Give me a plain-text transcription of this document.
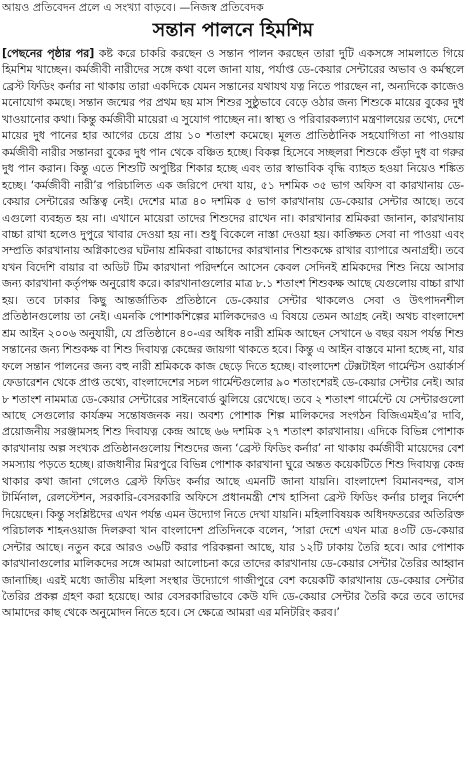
আয়ও প্রতিবেদন প্রলে এ সংখ্যা বাড়বে। —নিজস্ব প্রতিবেদক
সন্তান পালনে হিমশিম

[পেছনের পৃষ্ঠার পর] কষ্ট করে চাকরি করছেন ও সন্তান পালন করছেন তারা দুটি একসঙ্গে সামলাতে গিয়ে হিমশিম খাচ্ছেন। কর্মজীবী নারীদের সঙ্গে কথা বলে জানা যায়, পর্যাপ্ত ডে-কেয়ার সেন্টারের অভাব ও কর্মস্থলে ব্রেস্ট ফিডিং কর্নার না থাকায় তারা একদিকে যেমন সন্তানের যথাযথ যত্ন নিতে পারছেন না, অন্যদিকে কাজেও মনোযোগ কমছে। সন্তান জন্মের পর প্রথম ছয় মাস শিশুর সুষ্ঠুভাবে বেড়ে ওঠার জন্য শিশুকে মায়ের বুকের দুধ খাওয়ানোর কথা। কিন্তু কর্মজীবী মায়েরা এ সুযোগ পাচ্ছেন না। স্বাস্থ্য ও পরিবারকল্যাণ মন্ত্রণালয়ের তথ্যে, দেশে মায়ের দুধ পানের হার আগের চেয়ে প্রায় ১০ শতাংশ কমেছে। মূলত প্রাতিষ্ঠানিক সহযোগিতা না পাওয়ায় কর্মজীবী নারীর সন্তানরা বুকের দুধ পান থেকে বঞ্চিত হচ্ছে। বিকল্প হিসেবে সচ্ছলরা শিশুকে গুঁড়া দুধ বা গরুর দুধ পান করান। কিন্তু এতে শিশুটি অপুষ্টির শিকার হচ্ছে এবং তার স্বাভাবিক বৃদ্ধি ব্যাহত হওয়া নিয়েও শঙ্কিত হচ্ছে। ‘কর্মজীবী নারী’র পরিচালিত এক জরিপে দেখা যায়, ৫১ দশমিক ৩৫ ভাগ অফিস বা কারখানায় ডে-কেয়ার সেন্টারের অস্তিত্ব নেই। দেশের মাত্র ৪০ দশমিক ৫ ভাগ কারখানায় ডে-কেয়ার সেন্টার আছে। তবে এগুলো ব্যবহৃত হয় না। এখানে মায়েরা তাদের শিশুদের রাখেন না। কারখানার শ্রমিকরা জানান, কারখানায় বাচ্চা রাখা হলেও দুপুরে খাবার দেওয়া হয় না। শুধু বিকেলে নাস্তা দেওয়া হয়। কাঙ্ক্ষিত সেবা না পাওয়া এবং সম্প্রতি কারখানায় অগ্নিকাণ্ডের ঘটনায় শ্রমিকরা বাচ্চাদের কারখানার শিশুকক্ষে রাখার ব্যাপারে অনাগ্রহী। তবে যখন বিদেশি বায়ার বা অডিট টিম কারখানা পরিদর্শনে আসেন কেবল সেদিনই শ্রমিকদের শিশু নিয়ে আসার জন্য কারখানা কর্তৃপক্ষ অনুরোধ করে। কারখানাগুলোর মাত্র ৮.১ শতাংশ শিশুকক্ষ আছে যেগুলোয় বাচ্চা রাখা হয়। তবে ঢাকার কিছু আন্তর্জাতিক প্রতিষ্ঠানে ডে-কেয়ার সেন্টার থাকলেও সেবা ও উৎপাদনশীল প্রতিষ্ঠানগুলোয় তা নেই। এমনকি পোশাকশিল্পের মালিকদেরও এ বিষয়ে তেমন আগ্রহ নেই। অথচ বাংলাদেশ শ্রম আইন ২০০৬ অনুযায়ী, যে প্রতিষ্ঠানে ৪০-এর অধিক নারী শ্রমিক আছেন সেখানে ৬ বছর বয়স পর্যন্ত শিশু সন্তানের জন্য শিশুকক্ষ বা শিশু দিবাযত্ন কেন্দ্রের জায়গা থাকতে হবে। কিন্তু এ আইন বাস্তবে মানা হচ্ছে না, যার ফলে সন্তান পালনের জন্য বহু নারী শ্রমিককে কাজ ছেড়ে দিতে হচ্ছে। বাংলাদেশ টেক্সটাইল গার্মেন্টস ওয়ার্কার্স ফেডারেশন থেকে প্রাপ্ত তথ্যে, বাংলাদেশের সচল গার্মেন্টগুলোর ৯০ শতাংশেরই ডে-কেয়ার সেন্টার নেই। আর ৮ শতাংশ নামমাত্র ডে-কেয়ার সেন্টারের সাইনবোর্ড ঝুলিয়ে রেখেছে। তবে ২ শতাংশ গার্মেন্টে যে সেন্টারগুলো আছে সেগুলোর কার্যক্রম সন্তোষজনক নয়। অবশ্য পোশাক শিল্প মালিকদের সংগঠন বিজিএমইএ’র দাবি, প্রয়োজনীয় সরঞ্জামসহ শিশু দিবাযত্ন কেন্দ্র আছে ৬৬ দশমিক ২৭ শতাংশ কারখানায়। এদিকে বিভিন্ন পোশাক কারখানায় অল্প সংখ্যক প্রতিষ্ঠানগুলোয় শিশুদের জন্য ‘ব্রেস্ট ফিডিং কর্নার’ না থাকায় কর্মজীবী মায়েদের বেশ সমস্যায় পড়তে হচ্ছে। রাজধানীর মিরপুরে বিভিন্ন পোশাক কারখানা ঘুরে অন্তত কয়েকটিতে শিশু দিবাযত্ন কেন্দ্র থাকার কথা জানা গেলেও ব্রেস্ট ফিডিং কর্নার আছে এমনটি জানা যায়নি। বাংলাদেশ বিমানবন্দর, বাস টার্মিনাল, রেলস্টেশন, সরকারি-বেসরকারি অফিসে প্রধানমন্ত্রী শেখ হাসিনা ব্রেস্ট ফিডিং কর্নার চালুর নির্দেশ দিয়েছেন। কিন্তু সংশ্লিষ্টদের এখন পর্যন্ত এমন উদ্যোগ নিতে দেখা যায়নি। মহিলাবিষয়ক অধিদফতরের অতিরিক্ত পরিচালক শাহনওয়াজ দিলরুবা খান বাংলাদেশ প্রতিদিনকে বলেন, ‘সারা দেশে এখন মাত্র ৪৩টি ডে-কেয়ার সেন্টার আছে। নতুন করে আরও ৩৬টি করার পরিকল্পনা আছে, যার ১২টি ঢাকায় তৈরি হবে। আর পোশাক কারখানাগুলোর মালিকদের সঙ্গে আমরা আলোচনা করে তাদের কারখানায় ডে-কেয়ার সেন্টার তৈরির আহ্বান জানাচ্ছি। এরই মধ্যে জাতীয় মহিলা সংস্থার উদ্যোগে গাজীপুরে বেশ কয়েকটি কারখানায় ডে-কেয়ার সেন্টার তৈরির প্রকল্প গ্রহণ করা হয়েছে। আর বেসরকারিভাবে কেউ যদি ডে-কেয়ার সেন্টার তৈরি করে তবে তাদের আমাদের কাছ থেকে অনুমোদন নিতে হবে। সে ক্ষেত্রে আমরা এর মনিটরিং করব।’
